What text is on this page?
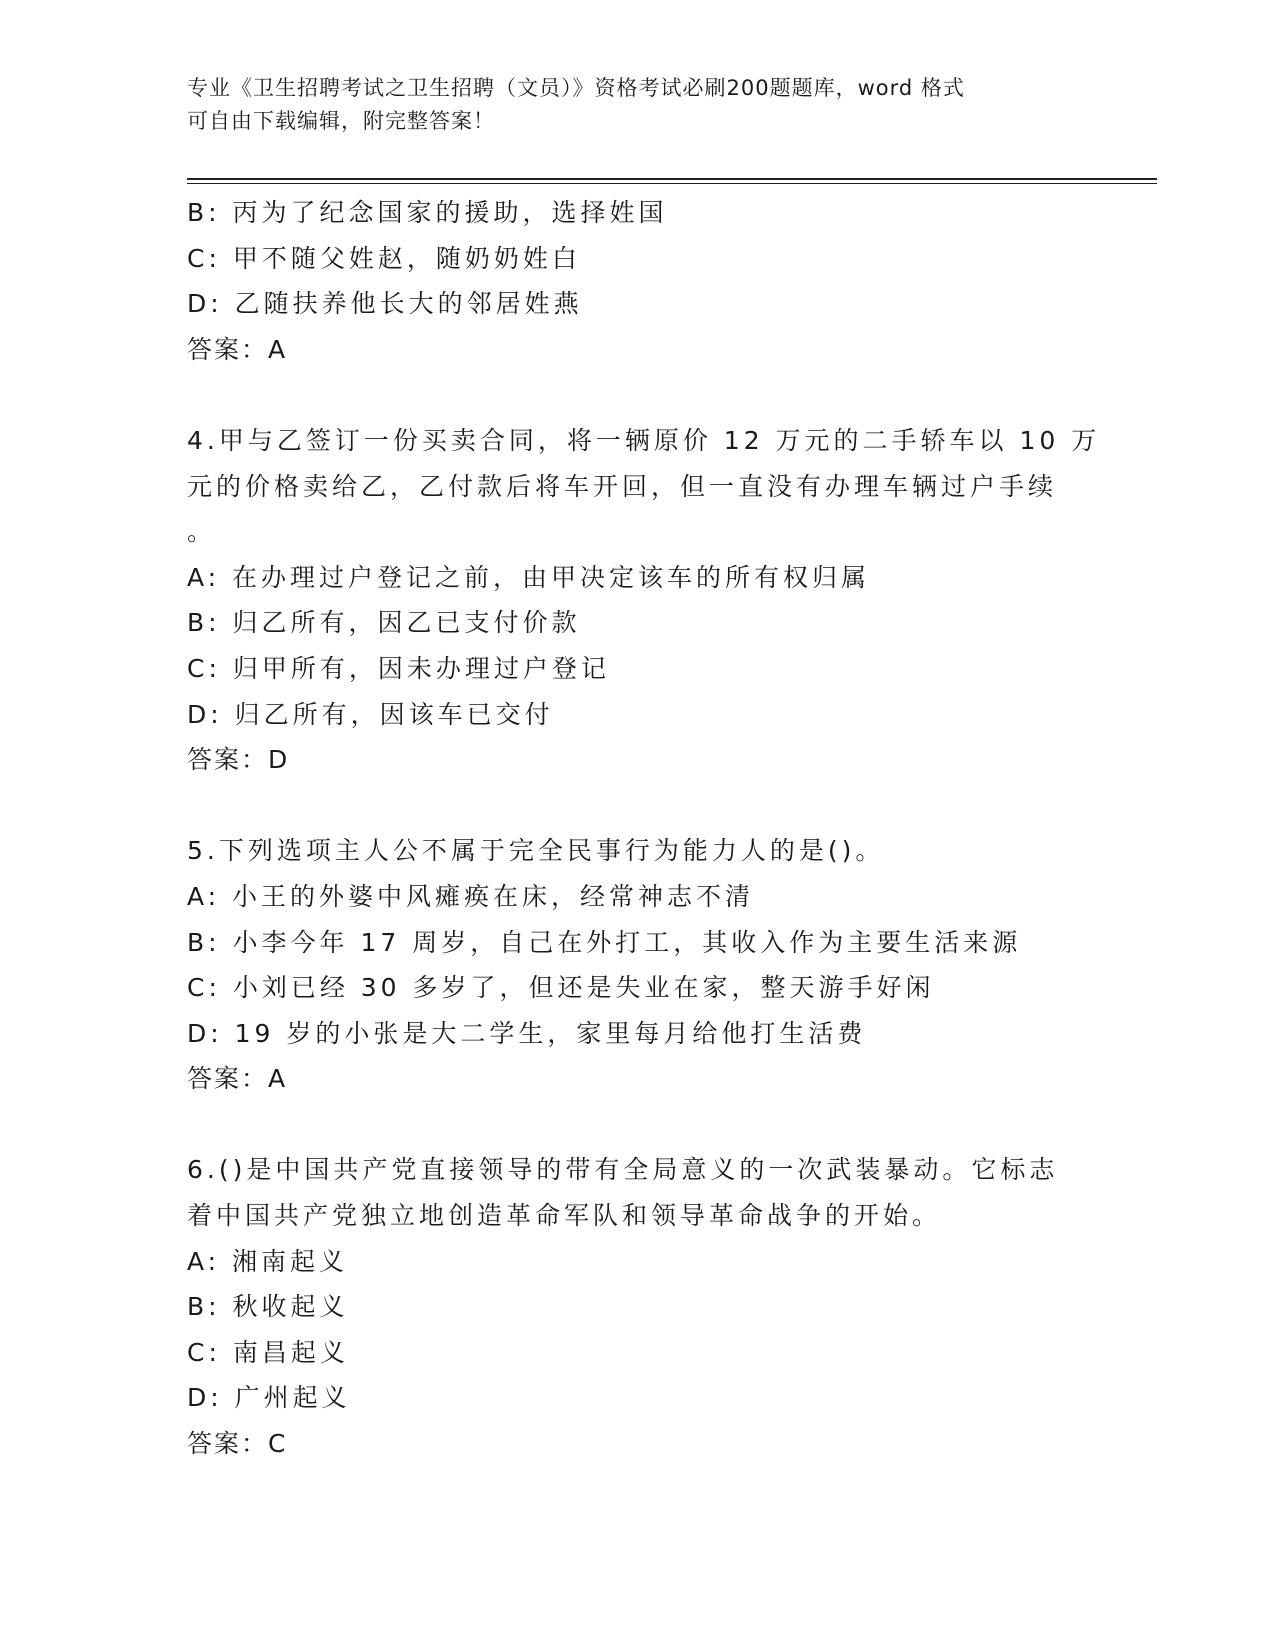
专业《卫生招聘考试之卫生招聘（文员）》资格考试必刷200题题库，word 格式
可自由下载编辑，附完整答案！
B: 丙为了纪念国家的援助，选择姓国
C: 甲不随父姓赵，随奶奶姓白
D: 乙随扶养他长大的邻居姓燕
答案：A
4.甲与乙签订一份买卖合同，将一辆原价 12 万元的二手轿车以 10 万
元的价格卖给乙，乙付款后将车开回，但一直没有办理车辆过户手续
。
A: 在办理过户登记之前，由甲决定该车的所有权归属
B: 归乙所有，因乙已支付价款
C: 归甲所有，因未办理过户登记
D: 归乙所有，因该车已交付
答案：D
5.下列选项主人公不属于完全民事行为能力人的是()。
A: 小王的外婆中风瘫痪在床，经常神志不清
B: 小李今年 17 周岁，自己在外打工，其收入作为主要生活来源
C: 小刘已经 30 多岁了，但还是失业在家，整天游手好闲
D: 19 岁的小张是大二学生，家里每月给他打生活费
答案：A
6.()是中国共产党直接领导的带有全局意义的一次武装暴动。它标志
着中国共产党独立地创造革命军队和领导革命战争的开始。
A: 湘南起义
B: 秋收起义
C: 南昌起义
D: 广州起义
答案：C
